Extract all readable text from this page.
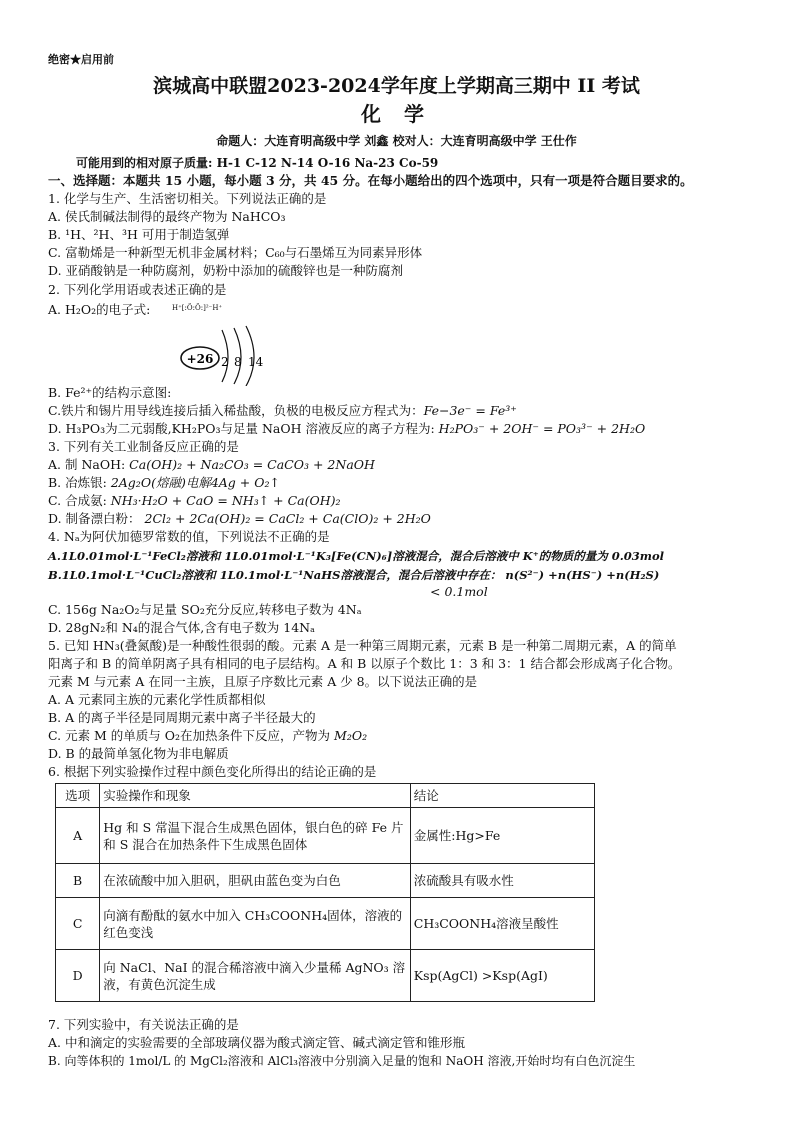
绝密★启用前
滨城高中联盟2023-2024学年度上学期高三期中 II 考试
化 学
命题人：大连育明高级中学 刘鑫 校对人：大连育明高级中学 王仕作
可能用到的相对原子质量: H-1 C-12 N-14 O-16 Na-23 Co-59
一、选择题：本题共 15 小题，每小题 3 分，共 45 分。在每小题给出的四个选项中，只有一项是符合题目要求的。
1. 化学与生产、生活密切相关。下列说法正确的是
A. 侯氏制碱法制得的最终产物为 NaHCO₃
B. ¹H、²H、³H 可用于制造氢弹
C. 富勒烯是一种新型无机非金属材料；C₆₀与石墨烯互为同素异形体
D. 亚硝酸钠是一种防腐剂，奶粉中添加的硫酸锌也是一种防腐剂
2. 下列化学用语或表述正确的是
A. H₂O₂的电子式:	H⁺[:Ö:Ö:]²⁻H⁺
+26 2 8 14
B. Fe²⁺的结构示意图:
C.铁片和锡片用导线连接后插入稀盐酸，负极的电极反应方程式为：Fe−3e⁻ = Fe³⁺
D. H₃PO₃为二元弱酸,KH₂PO₃与足量 NaOH 溶液反应的离子方程为: H₂PO₃⁻ + 2OH⁻ = PO₃³⁻ + 2H₂O
3. 下列有关工业制备反应正确的是
A. 制 NaOH: Ca(OH)₂ + Na₂CO₃ = CaCO₃ + 2NaOH
B. 冶炼银: 2Ag₂O(熔融)电解4Ag + O₂↑
C. 合成氨: NH₃·H₂O + CaO = NH₃↑ + Ca(OH)₂
D. 制备漂白粉： 2Cl₂ + 2Ca(OH)₂ = CaCl₂ + Ca(ClO)₂ + 2H₂O
4. Nₐ为阿伏加德罗常数的值，下列说法不正确的是
A.1L0.01mol·L⁻¹FeCl₂溶液和 1L0.01mol·L⁻¹K₃[Fe(CN)₆]溶液混合，混合后溶液中 K⁺的物质的量为 0.03mol
B.1L0.1mol·L⁻¹CuCl₂溶液和 1L0.1mol·L⁻¹NaHS溶液混合，混合后溶液中存在： n(S²⁻) +n(HS⁻) +n(H₂S)
< 0.1mol
C. 156g Na₂O₂与足量 SO₂充分反应,转移电子数为 4Nₐ
D. 28gN₂和 N₄的混合气体,含有电子数为 14Nₐ
5. 已知 HN₃(叠氮酸)是一种酸性很弱的酸。元素 A 是一种第三周期元素，元素 B 是一种第二周期元素，A 的简单
阳离子和 B 的简单阴离子具有相同的电子层结构。A 和 B 以原子个数比 1：3 和 3：1 结合都会形成离子化合物。
元素 M 与元素 A 在同一主族，且原子序数比元素 A 少 8。以下说法正确的是
A. A 元素同主族的元素化学性质都相似
B. A 的离子半径是同周期元素中离子半径最大的
C. 元素 M 的单质与 O₂在加热条件下反应，产物为 M₂O₂
D. B 的最简单氢化物为非电解质
6. 根据下列实验操作过程中颜色变化所得出的结论正确的是
选项	实验操作和现象	结论
A	Hg 和 S 常温下混合生成黑色固体，银白色的碎 Fe 片和 S 混合在加热条件下生成黑色固体	金属性:Hg>Fe
B	在浓硫酸中加入胆矾，胆矾由蓝色变为白色	浓硫酸具有吸水性
C	向滴有酚酞的氨水中加入 CH₃COONH₄固体，溶液的红色变浅	CH₃COONH₄溶液呈酸性
D	向 NaCl、NaI 的混合稀溶液中滴入少量稀 AgNO₃ 溶液，有黄色沉淀生成	Ksp(AgCl) >Ksp(AgI)
7. 下列实验中，有关说法正确的是
A. 中和滴定的实验需要的全部玻璃仪器为酸式滴定管、碱式滴定管和锥形瓶
B. 向等体积的 1mol/L 的 MgCl₂溶液和 AlCl₃溶液中分别滴入足量的饱和 NaOH 溶液,开始时均有白色沉淀生
